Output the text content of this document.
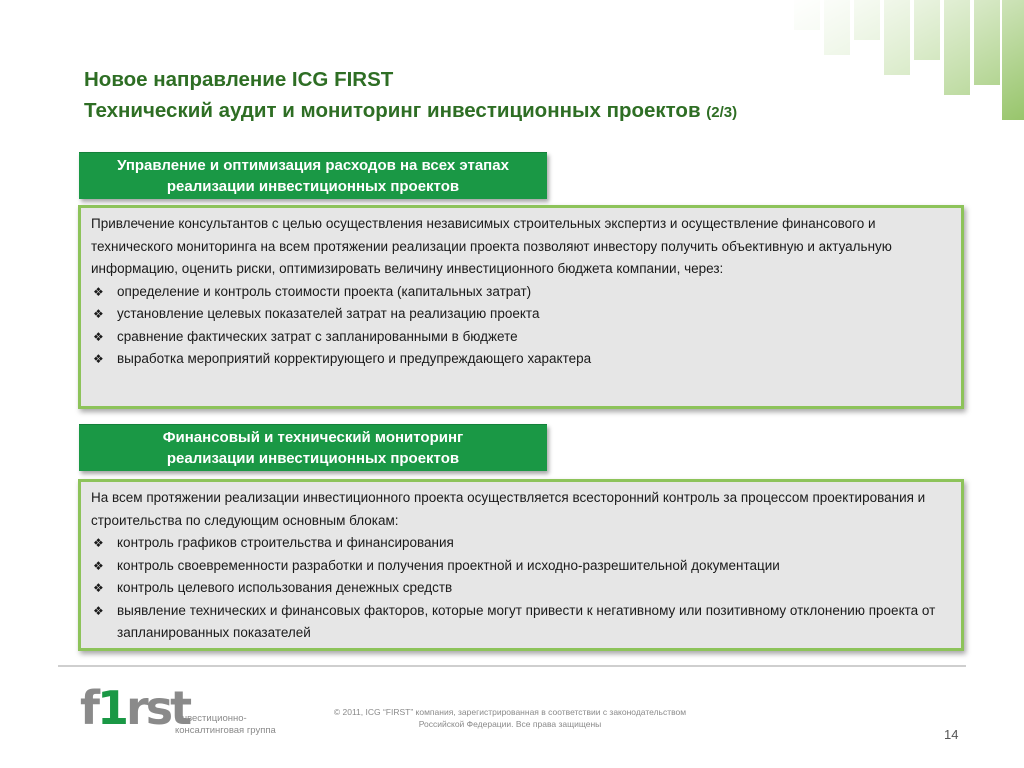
Новое направление ICG FIRST
Технический аудит и мониторинг инвестиционных проектов (2/3)
Управление и оптимизация расходов на всех этапах
реализации инвестиционных проектов

Привлечение консультантов с целью осуществления независимых строительных экспертиз и осуществление финансового и технического мониторинга на всем протяжении реализации проекта позволяют инвестору получить объективную и актуальную информацию, оценить риски, оптимизировать величину инвестиционного бюджета компании, через:

❖ определение и контроль стоимости проекта (капитальных затрат)
❖ установление целевых показателей затрат на реализацию проекта
❖ сравнение фактических затрат с запланированными в бюджете
❖ выработка мероприятий корректирующего и предупреждающего характера
Финансовый и технический мониторинг
реализации инвестиционных проектов

На всем протяжении реализации инвестиционного проекта осуществляется всесторонний контроль за процессом проектирования и строительства по следующим основным блокам:

❖ контроль графиков строительства и финансирования
❖ контроль своевременности разработки и получения проектной и исходно-разрешительной документации
❖ контроль целевого использования денежных средств
❖ выявление технических и финансовых факторов, которые могут привести к негативному или позитивному отклонению проекта от запланированных показателей
f1rst
Инвестиционно-
консалтинговая группа
© 2011, ICG “FIRST” компания, зарегистрированная в соответствии с законодательством
Российской Федерации. Все права защищены
14
